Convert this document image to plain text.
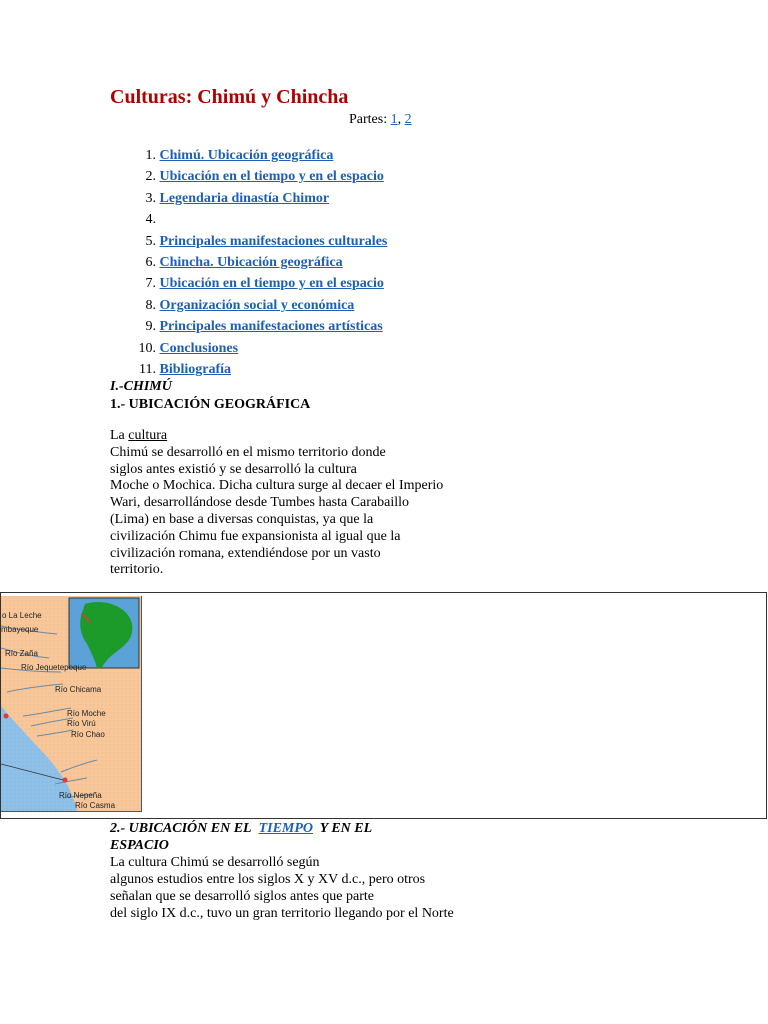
Culturas: Chimú y Chincha
Partes: 1, 2
1. Chimú. Ubicación geográfica
2. Ubicación en el tiempo y en el espacio
3. Legendaria dinastía Chimor
4.
5. Principales manifestaciones culturales
6. Chincha. Ubicación geográfica
7. Ubicación en el tiempo y en el espacio
8. Organización social y económica
9. Principales manifestaciones artísticas
10. Conclusiones
11. Bibliografía
I.-CHIMÚ
1.- UBICACIÓN GEOGRÁFICA
La cultura
Chimú se desarrolló en el mismo territorio donde
siglos antes existió y se desarrolló la cultura
Moche o Mochica. Dicha cultura surge al decaer el Imperio
Wari, desarrollándose desde Tumbes hasta Carabaillo
(Lima) en base a diversas conquistas, ya que la
civilización Chimu fue expansionista al igual que la
civilización romana, extendiéndose por un vasto
territorio.
o La Leche
mbayeque
Río Zaña
Río Jequetepeque
Río Chicama
Río Moche
Río Virú
Río Chao
Río Nepeña
Río Casma
2.- UBICACIÓN EN EL TIEMPO Y EN EL
ESPACIO
La cultura Chimú se desarrolló según
algunos estudios entre los siglos X y XV d.c., pero otros
señalan que se desarrolló siglos antes que parte
del siglo IX d.c., tuvo un gran territorio llegando por el Norte
